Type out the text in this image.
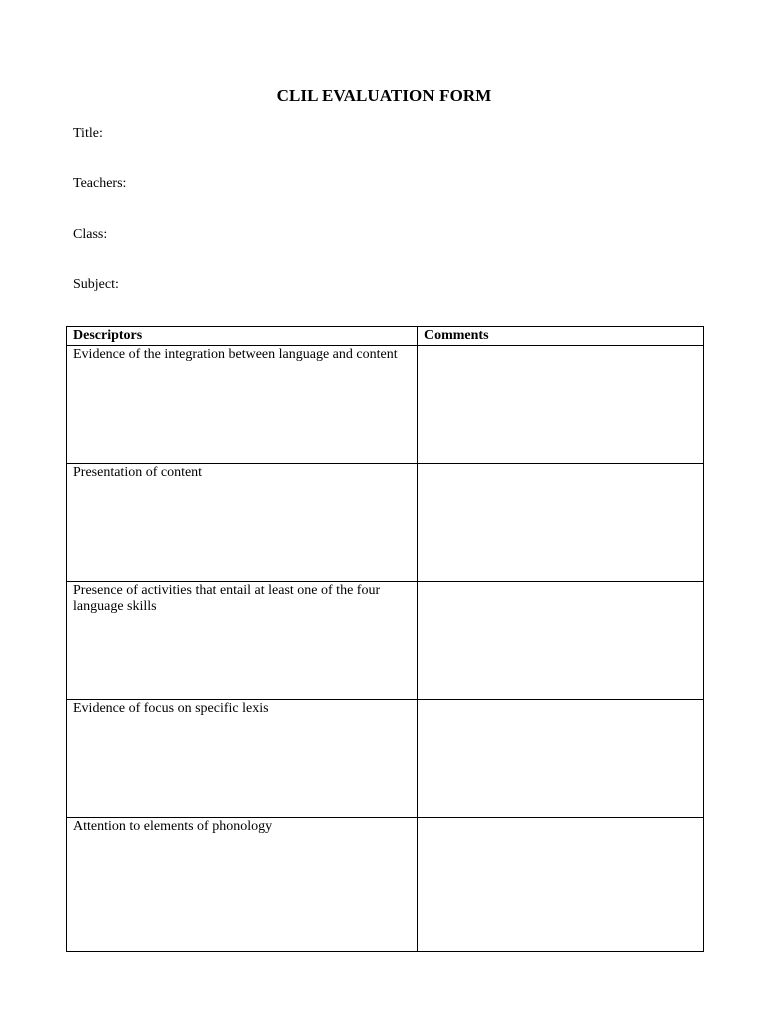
CLIL EVALUATION FORM
Title:
Teachers:
Class:
Subject:
Descriptors	Comments

Evidence of the integration between language and content	

Presentation of content	

Presence of activities that entail at least one of the four language skills	

Evidence of focus on specific lexis	

Attention to elements of phonology	
